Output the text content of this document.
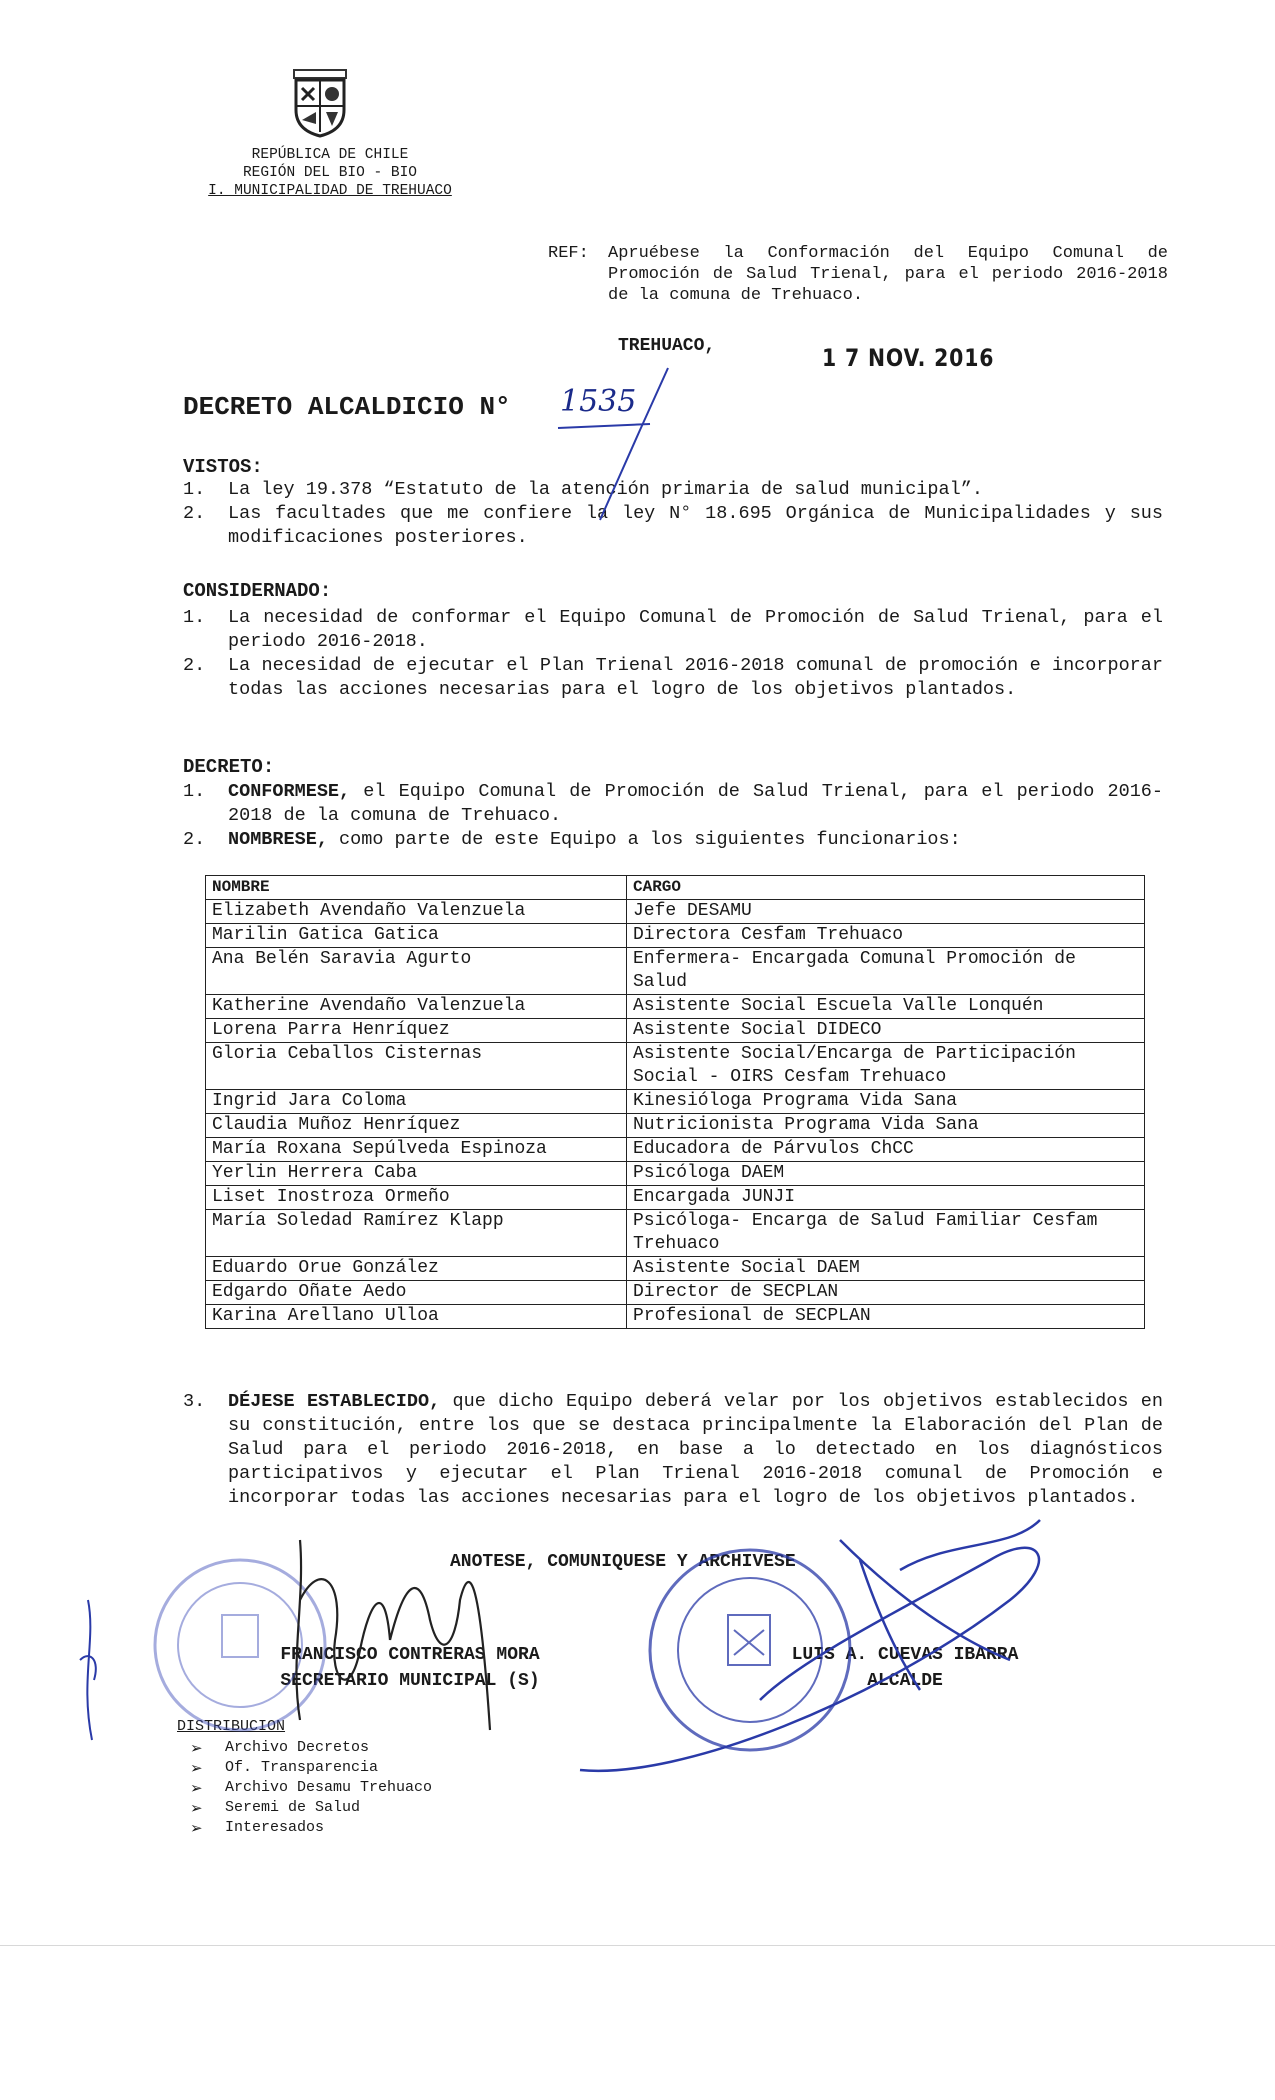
REPÚBLICA DE CHILE
REGIÓN DEL BIO - BIO
I. MUNICIPALIDAD DE TREHUACO
REF: Apruébese la Conformación del Equipo Comunal de Promoción de Salud Trienal, para el periodo 2016-2018 de la comuna de Trehuaco.
TREHUACO,	1 7 NOV. 2016
DECRETO ALCALDICIO N° 1535
VISTOS:
1. La ley 19.378 “Estatuto de la atención primaria de salud municipal”.
2. Las facultades que me confiere la ley N° 18.695 Orgánica de Municipalidades y sus modificaciones posteriores.
CONSIDERNADO:
1. La necesidad de conformar el Equipo Comunal de Promoción de Salud Trienal, para el periodo 2016-2018.
2. La necesidad de ejecutar el Plan Trienal 2016-2018 comunal de promoción e incorporar todas las acciones necesarias para el logro de los objetivos plantados.
DECRETO:
1. CONFORMESE, el Equipo Comunal de Promoción de Salud Trienal, para el periodo 2016-2018 de la comuna de Trehuaco.
2. NOMBRESE, como parte de este Equipo a los siguientes funcionarios:
NOMBRE	CARGO
Elizabeth Avendaño Valenzuela	Jefe DESAMU
Marilin Gatica Gatica	Directora Cesfam Trehuaco
Ana Belén Saravia Agurto	Enfermera- Encargada Comunal Promoción de Salud
Katherine Avendaño Valenzuela	Asistente Social Escuela Valle Lonquén
Lorena Parra Henríquez	Asistente Social DIDECO
Gloria Ceballos Cisternas	Asistente Social/Encarga de Participación Social - OIRS Cesfam Trehuaco
Ingrid Jara Coloma	Kinesióloga Programa Vida Sana
Claudia Muñoz Henríquez	Nutricionista Programa Vida Sana
María Roxana Sepúlveda Espinoza	Educadora de Párvulos ChCC
Yerlin Herrera Caba	Psicóloga DAEM
Liset Inostroza Ormeño	Encargada JUNJI
María Soledad Ramírez Klapp	Psicóloga- Encarga de Salud Familiar Cesfam Trehuaco
Eduardo Orue González	Asistente Social DAEM
Edgardo Oñate Aedo	Director de SECPLAN
Karina Arellano Ulloa	Profesional de SECPLAN
3. DÉJESE ESTABLECIDO, que dicho Equipo deberá velar por los objetivos establecidos en su constitución, entre los que se destaca principalmente la Elaboración del Plan de Salud para el periodo 2016-2018, en base a lo detectado en los diagnósticos participativos y ejecutar el Plan Trienal 2016-2018 comunal de Promoción e incorporar todas las acciones necesarias para el logro de los objetivos plantados.
ANOTESE, COMUNIQUESE Y ARCHIVESE
FRANCISCO CONTRERAS MORA
SECRETARIO MUNICIPAL (S)
LUIS A. CUEVAS IBARRA
ALCALDE
DISTRIBUCION
➢ Archivo Decretos
➢ Of. Transparencia
➢ Archivo Desamu Trehuaco
➢ Seremi de Salud
➢ Interesados
